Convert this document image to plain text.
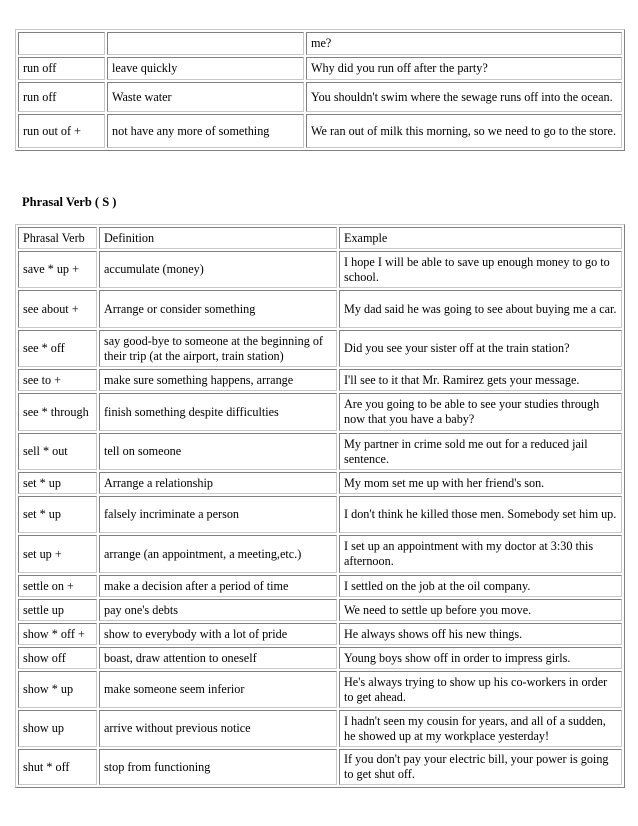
		me?
run off	leave quickly	Why did you run off after the party?
run off	Waste water	You shouldn't swim where the sewage runs off into the ocean.
run out of +	not have any more of something	We ran out of milk this morning, so we need to go to the store.
Phrasal Verb ( S )
Phrasal Verb	Definition	Example
save * up +	accumulate (money)	I hope I will be able to save up enough money to go to school.
see about +	Arrange or consider something	My dad said he was going to see about buying me a car.
see * off	say good-bye to someone at the beginning of their trip (at the airport, train station)	Did you see your sister off at the train station?
see to +	make sure something happens, arrange	I'll see to it that Mr. Ramirez gets your message.
see * through	finish something despite difficulties	Are you going to be able to see your studies through now that you have a baby?
sell * out	tell on someone	My partner in crime sold me out for a reduced jail sentence.
set * up	Arrange a relationship	My mom set me up with her friend's son.
set * up	falsely incriminate a person	I don't think he killed those men. Somebody set him up.
set up +	arrange (an appointment, a meeting,etc.)	I set up an appointment with my doctor at 3:30 this afternoon.
settle on +	make a decision after a period of time	I settled on the job at the oil company.
settle up	pay one's debts	We need to settle up before you move.
show * off +	show to everybody with a lot of pride	He always shows off his new things.
show off	boast, draw attention to oneself	Young boys show off in order to impress girls.
show * up	make someone seem inferior	He's always trying to show up his co-workers in order to get ahead.
show up	arrive without previous notice	I hadn't seen my cousin for years, and all of a sudden, he showed up at my workplace yesterday!
shut * off	stop from functioning	If you don't pay your electric bill, your power is going to get shut off.
